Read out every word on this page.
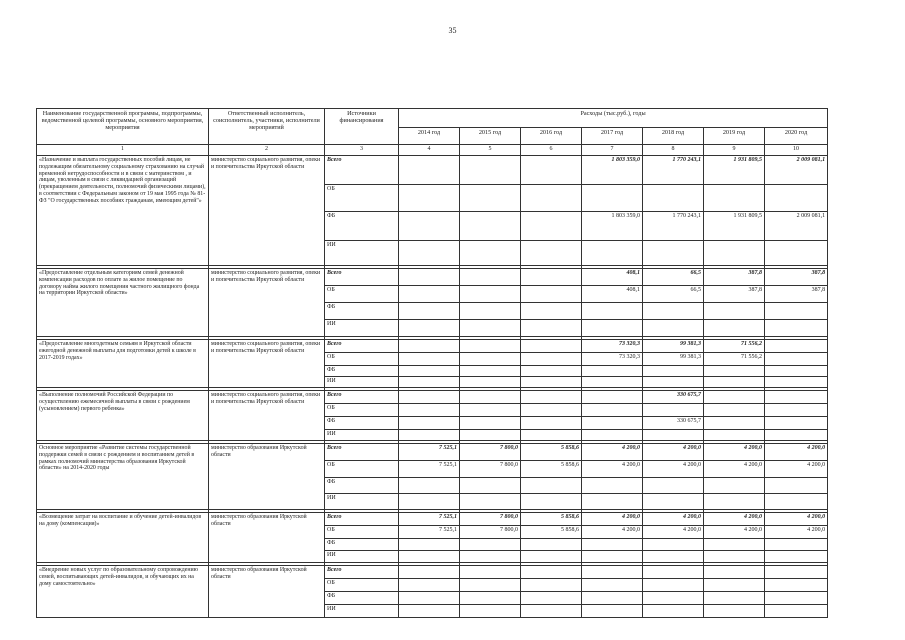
35
Наименование государственной программы, подпрограммы, ведомственной целевой программы, основного мероприятия, мероприятия	Ответственный исполнитель, соисполнитель, участники, исполнители мероприятий	Источники финансирования	Расходы (тыс.руб.), годы						
			2014 год	2015 год	2016 год	2017 год	2018 год	2019 год	2020 год
1	2	3	4	5	6	7	8	9	10
«Назначение и выплата государственных пособий лицам, не подлежащим обязательному социальному страхованию на случай временной нетрудоспособности и в связи с материнством , и лицам, уволенным в связи с ликвидацией организаций (прекращением деятельности, полномочий физическими лицами), в соответствии с Федеральным законом от 19 мая 1995 года № 81-ФЗ "О государственных пособиях гражданам, имеющим детей"»	министерство социального развития, опеки и попечительства Иркутской области	Всего				1 803 359,0	1 770 243,1	1 931 809,5	2 009 081,1
		ОБ							
		ФБ				1 803 359,0	1 770 243,1	1 931 809,5	2 009 081,1
		ИИ							

«Предоставление отдельным категориям семей денежной компенсации расходов по оплате за жилое помещение по договору найма жилого помещения частного жилищного фонда на территории Иркутской области»	министерство социального развития, опеки и попечительства Иркутской области	Всего				408,1	66,5	387,8	387,8
		ОБ				408,1	66,5	387,8	387,8
		ФБ							
		ИИ							

«Предоставление многодетным семьям в Иркутской области ежегодной денежной выплаты для подготовки детей к школе в 2017-2019 годах»	министерство социального развития, опеки и попечительства Иркутской области	Всего				73 320,3	99 381,3	71 556,2	
		ОБ				73 320,3	99 381,3	71 556,2	
		ФБ							
		ИИ							

«Выполнение полномочий Российской Федерации по осуществлению ежемесячной выплаты в связи с рождением (усыновлением) первого ребенка»	министерство социального развития, опеки и попечительства Иркутской области	Всего					330 675,7		
		ОБ							
		ФБ					330 675,7		
		ИИ							

Основное мероприятие «Развитие системы государственной поддержки семей в связи с рождением и воспитанием детей в рамках полномочий министерства образования Иркутской области» на 2014-2020 годы	министерство образования Иркутской области	Всего	7 525,1	7 800,0	5 858,6	4 200,0	4 200,0	4 200,0	4 200,0
		ОБ	7 525,1	7 800,0	5 858,6	4 200,0	4 200,0	4 200,0	4 200,0
		ФБ							
		ИИ							

«Возмещение затрат на воспитание и обучение детей-инвалидов на дому (компенсация)»	министерство образования Иркутской области	Всего	7 525,1	7 800,0	5 858,6	4 200,0	4 200,0	4 200,0	4 200,0
		ОБ	7 525,1	7 800,0	5 858,6	4 200,0	4 200,0	4 200,0	4 200,0
		ФБ							
		ИИ							

«Внедрение новых услуг по образовательному сопровождению семей, воспитывающих детей-инвалидов, и обучающих их на дому самостоятельно»	министерство образования Иркутской области	Всего							
		ОБ							
		ФБ							
		ИИ							
